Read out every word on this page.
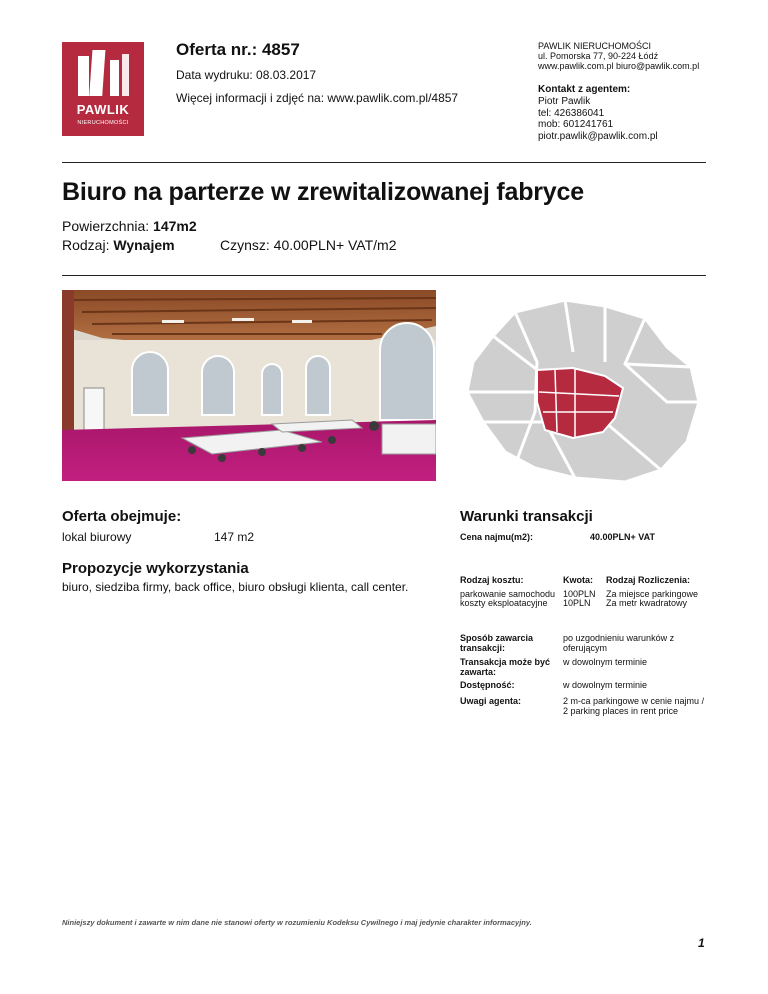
PAWLIK
NIERUCHOMOŚCI
Oferta nr.: 4857
Data wydruku: 08.03.2017
Więcej informacji i zdjęć na: www.pawlik.com.pl/4857
PAWLIK NIERUCHOMOŚCI
ul. Pomorska 77, 90-224 Łódź
www.pawlik.com.pl biuro@pawlik.com.pl
Kontakt z agentem:
Piotr Pawlik
tel: 426386041
mob: 601241761
piotr.pawlik@pawlik.com.pl
Biuro na parterze w zrewitalizowanej fabryce
Powierzchnia: 147m2
Rodzaj: Wynajem	Czynsz: 40.00PLN+ VAT/m2
Oferta obejmuje:
lokal biurowy	147 m2
Propozycje wykorzystania
biuro, siedziba firmy, back office, biuro obsługi klienta, call center.
Warunki transakcji
Cena najmu(m2):	40.00PLN+ VAT
Rodzaj kosztu:	Kwota: Rodzaj Rozliczenia:
parkowanie samochodu 100PLN Za miejsce parkingowe
koszty eksploatacyjne 10PLN Za metr kwadratowy
Sposób zawarcia transakcji:
po uzgodnieniu warunków z oferującym
Transakcja może być zawarta:
w dowolnym terminie
Dostępność:	w dowolnym terminie
Uwagi agenta:	2 m-ca parkingowe w cenie najmu / 2 parking places in rent price
Niniejszy dokument i zawarte w nim dane nie stanowi oferty w rozumieniu Kodeksu Cywilnego i maj jedynie charakter informacyjny.
1
